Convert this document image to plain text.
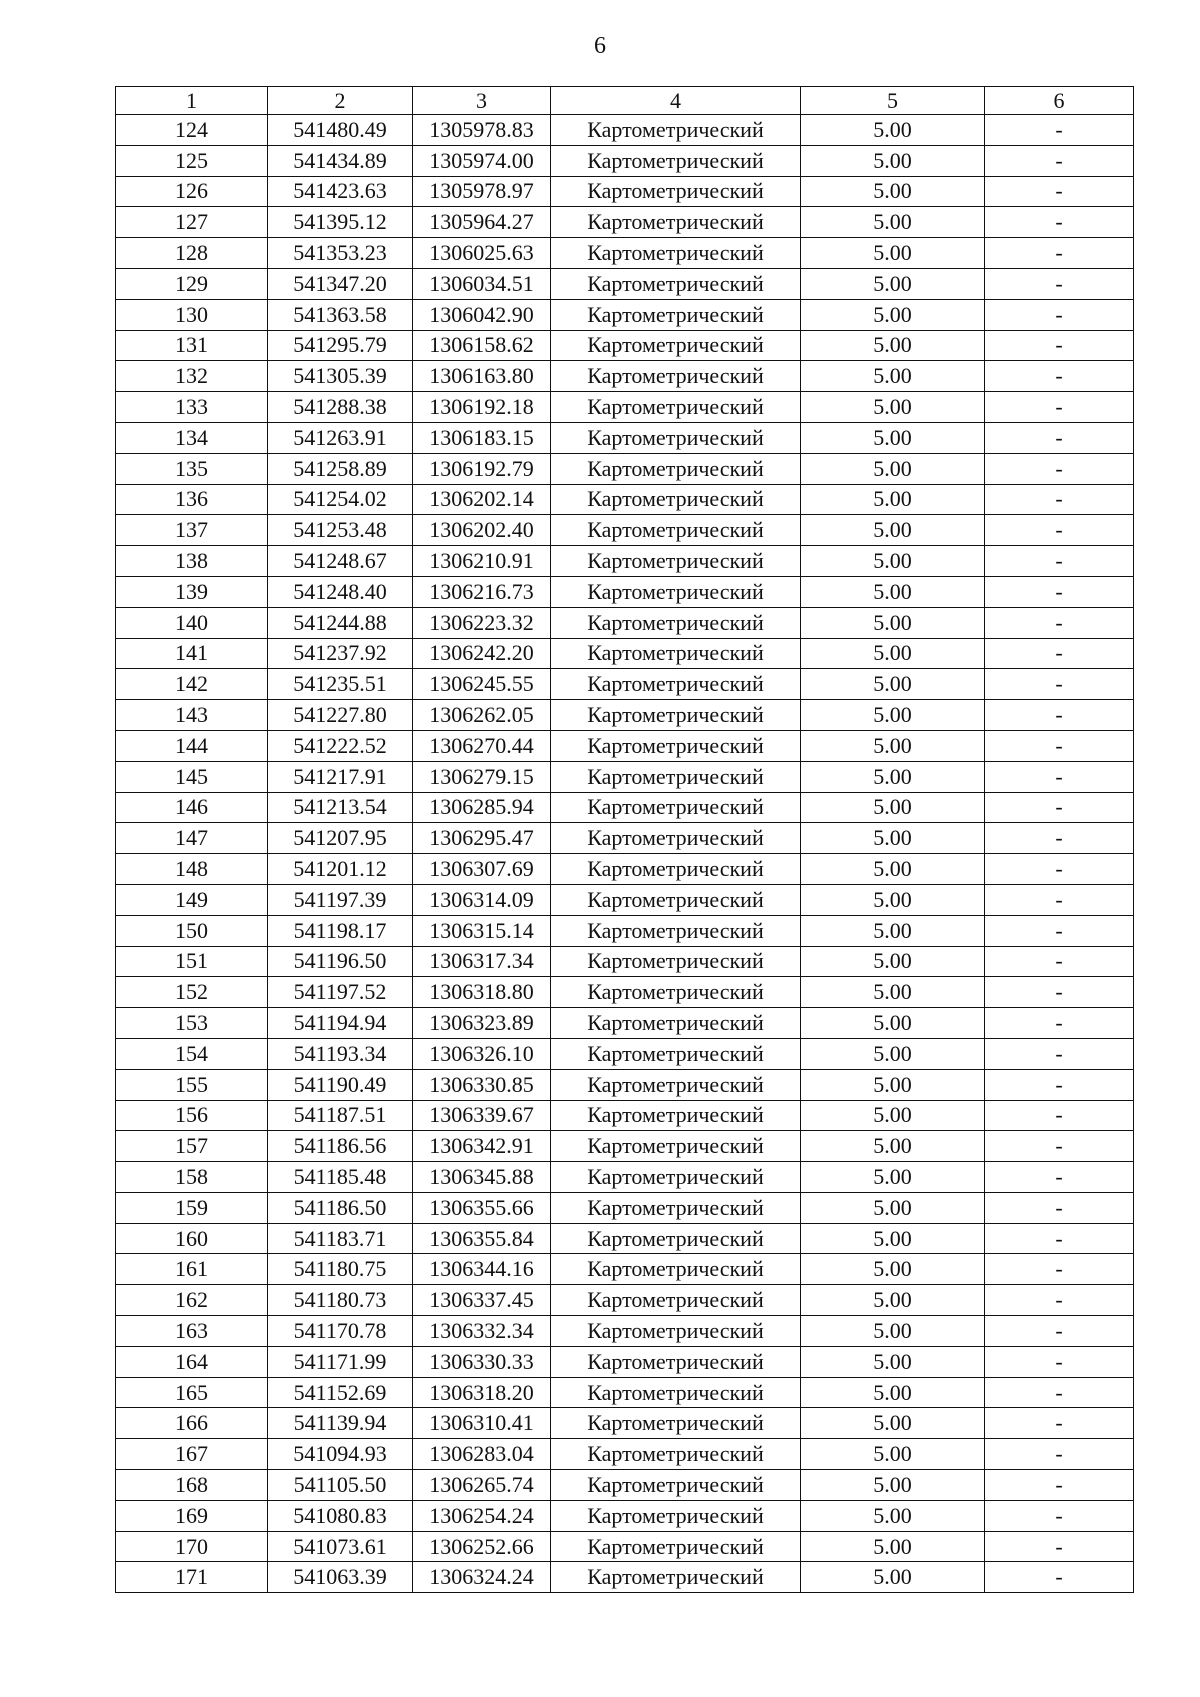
6
1	2	3	4	5	6
124	541480.49	1305978.83	Картометрический	5.00	-
125	541434.89	1305974.00	Картометрический	5.00	-
126	541423.63	1305978.97	Картометрический	5.00	-
127	541395.12	1305964.27	Картометрический	5.00	-
128	541353.23	1306025.63	Картометрический	5.00	-
129	541347.20	1306034.51	Картометрический	5.00	-
130	541363.58	1306042.90	Картометрический	5.00	-
131	541295.79	1306158.62	Картометрический	5.00	-
132	541305.39	1306163.80	Картометрический	5.00	-
133	541288.38	1306192.18	Картометрический	5.00	-
134	541263.91	1306183.15	Картометрический	5.00	-
135	541258.89	1306192.79	Картометрический	5.00	-
136	541254.02	1306202.14	Картометрический	5.00	-
137	541253.48	1306202.40	Картометрический	5.00	-
138	541248.67	1306210.91	Картометрический	5.00	-
139	541248.40	1306216.73	Картометрический	5.00	-
140	541244.88	1306223.32	Картометрический	5.00	-
141	541237.92	1306242.20	Картометрический	5.00	-
142	541235.51	1306245.55	Картометрический	5.00	-
143	541227.80	1306262.05	Картометрический	5.00	-
144	541222.52	1306270.44	Картометрический	5.00	-
145	541217.91	1306279.15	Картометрический	5.00	-
146	541213.54	1306285.94	Картометрический	5.00	-
147	541207.95	1306295.47	Картометрический	5.00	-
148	541201.12	1306307.69	Картометрический	5.00	-
149	541197.39	1306314.09	Картометрический	5.00	-
150	541198.17	1306315.14	Картометрический	5.00	-
151	541196.50	1306317.34	Картометрический	5.00	-
152	541197.52	1306318.80	Картометрический	5.00	-
153	541194.94	1306323.89	Картометрический	5.00	-
154	541193.34	1306326.10	Картометрический	5.00	-
155	541190.49	1306330.85	Картометрический	5.00	-
156	541187.51	1306339.67	Картометрический	5.00	-
157	541186.56	1306342.91	Картометрический	5.00	-
158	541185.48	1306345.88	Картометрический	5.00	-
159	541186.50	1306355.66	Картометрический	5.00	-
160	541183.71	1306355.84	Картометрический	5.00	-
161	541180.75	1306344.16	Картометрический	5.00	-
162	541180.73	1306337.45	Картометрический	5.00	-
163	541170.78	1306332.34	Картометрический	5.00	-
164	541171.99	1306330.33	Картометрический	5.00	-
165	541152.69	1306318.20	Картометрический	5.00	-
166	541139.94	1306310.41	Картометрический	5.00	-
167	541094.93	1306283.04	Картометрический	5.00	-
168	541105.50	1306265.74	Картометрический	5.00	-
169	541080.83	1306254.24	Картометрический	5.00	-
170	541073.61	1306252.66	Картометрический	5.00	-
171	541063.39	1306324.24	Картометрический	5.00	-
